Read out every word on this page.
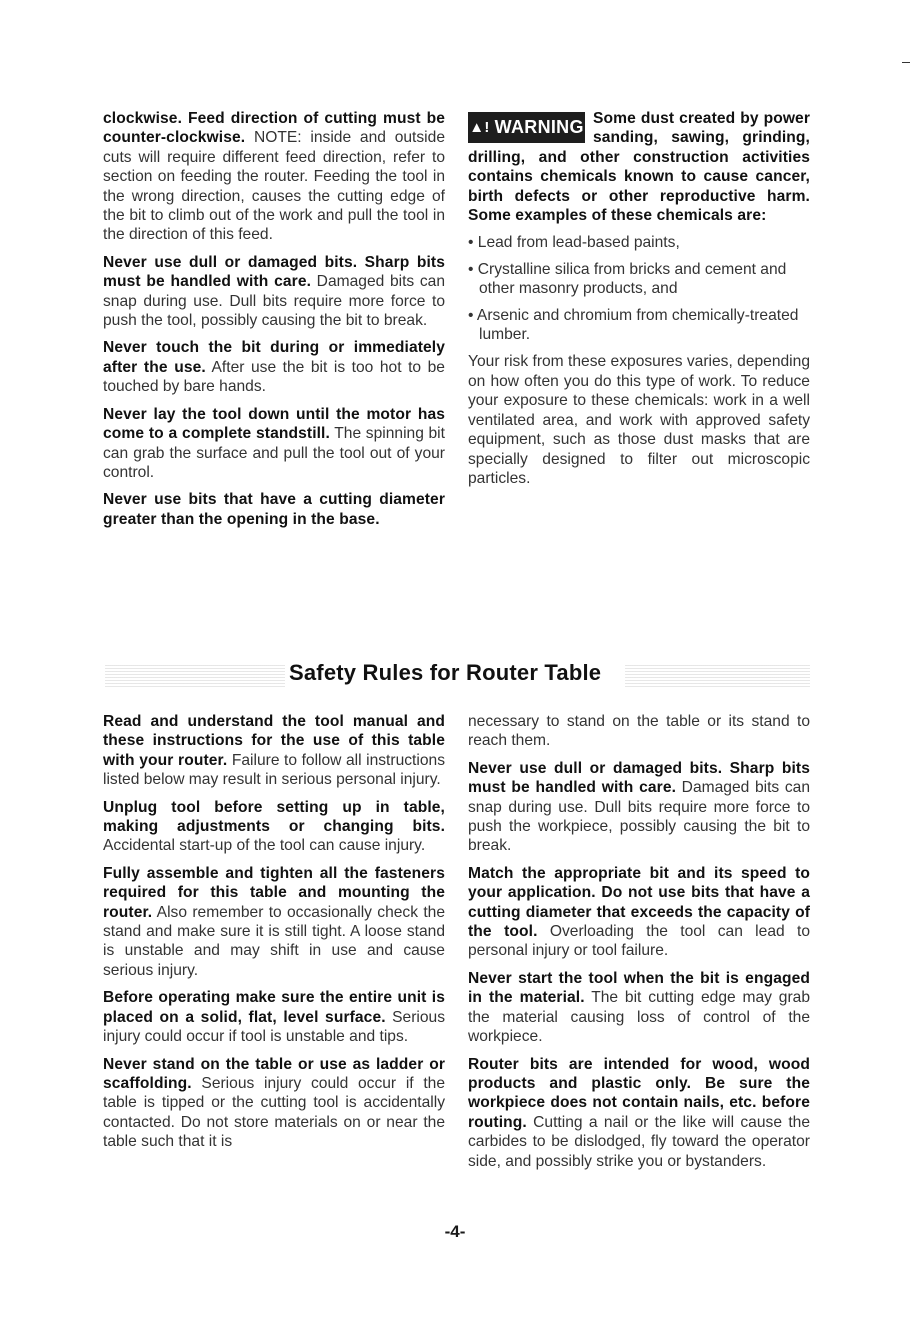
clockwise. Feed direction of cutting must be counter-clockwise. NOTE: inside and outside cuts will require different feed direction, refer to section on feeding the router. Feeding the tool in the wrong direction, causes the cutting edge of the bit to climb out of the work and pull the tool in the direction of this feed.

Never use dull or damaged bits. Sharp bits must be handled with care. Damaged bits can snap during use. Dull bits require more force to push the tool, possibly causing the bit to break.

Never touch the bit during or immediately after the use. After use the bit is too hot to be touched by bare hands.

Never lay the tool down until the motor has come to a complete standstill. The spinning bit can grab the surface and pull the tool out of your control.

Never use bits that have a cutting diameter greater than the opening in the base.

▲! WARNING Some dust created by power sanding, sawing, grinding, drilling, and other construction activities contains chemicals known to cause cancer, birth defects or other reproductive harm. Some examples of these chemicals are:

• Lead from lead-based paints,
• Crystalline silica from bricks and cement and other masonry products, and
• Arsenic and chromium from chemically-treated lumber.

Your risk from these exposures varies, depending on how often you do this type of work. To reduce your exposure to these chemicals: work in a well ventilated area, and work with approved safety equipment, such as those dust masks that are specially designed to filter out microscopic particles.

Safety Rules for Router Table

Read and understand the tool manual and these instructions for the use of this table with your router. Failure to follow all instructions listed below may result in serious personal injury.

Unplug tool before setting up in table, making adjustments or changing bits. Accidental start-up of the tool can cause injury.

Fully assemble and tighten all the fasteners required for this table and mounting the router. Also remember to occasionally check the stand and make sure it is still tight. A loose stand is unstable and may shift in use and cause serious injury.

Before operating make sure the entire unit is placed on a solid, flat, level surface. Serious injury could occur if tool is unstable and tips.

Never stand on the table or use as ladder or scaffolding. Serious injury could occur if the table is tipped or the cutting tool is accidentally contacted. Do not store materials on or near the table such that it is

necessary to stand on the table or its stand to reach them.

Never use dull or damaged bits. Sharp bits must be handled with care. Damaged bits can snap during use. Dull bits require more force to push the workpiece, possibly causing the bit to break.

Match the appropriate bit and its speed to your application. Do not use bits that have a cutting diameter that exceeds the capacity of the tool. Overloading the tool can lead to personal injury or tool failure.

Never start the tool when the bit is engaged in the material. The bit cutting edge may grab the material causing loss of control of the workpiece.

Router bits are intended for wood, wood products and plastic only. Be sure the workpiece does not contain nails, etc. before routing. Cutting a nail or the like will cause the carbides to be dislodged, fly toward the operator side, and possibly strike you or bystanders.

-4-
